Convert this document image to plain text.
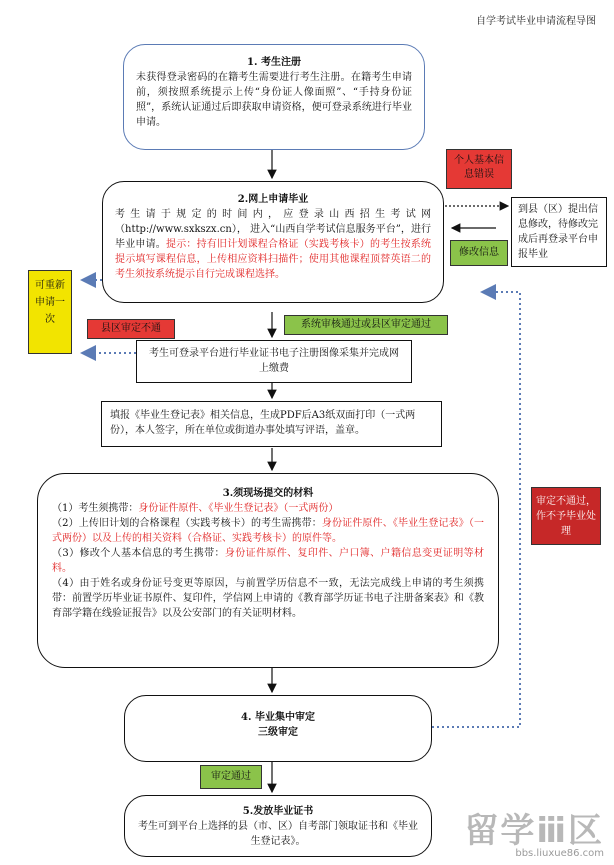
自学考试毕业申请流程导图
1. 考生注册

未获得登录密码的在籍考生需要进行考生注册。在籍考生申请前，须按照系统提示上传“身份证人像面照”、“手持身份证照”，系统认证通过后即获取申请资格，便可登录系统进行毕业申请。

个人基本信息错误
2.网上申请毕业

考生请于规定的时间内，应登录山西招生考试网（http://www.sxkszx.cn）， 进入“山西自学考试信息服务平台”，进行毕业申请。提示：持有旧计划课程合格证（实践考核卡）的考生按系统提示填写课程信息，上传相应资料扫描件；使用其他课程顶替英语二的考生须按系统提示自行完成课程选择。

到县（区）提出信息修改，待修改完成后再登录平台申报毕业
修改信息
可重新申请一次
县区审定不通	系统审核通过或县区审定通过
考生可登录平台进行毕业证书电子注册图像采集并完成网上缴费
填报《毕业生登记表》相关信息，生成PDF后A3纸双面打印（一式两份），本人签字，所在单位或街道办事处填写评语，盖章。
3.须现场提交的材料

（1）考生须携带：身份证件原件、《毕业生登记表》（一式两份）

（2）上传旧计划的合格课程（实践考核卡）的考生需携带：身份证件原件、《毕业生登记表》（一式两份）以及上传的相关资料（合格证、实践考核卡）的原件等。

（3）修改个人基本信息的考生携带：身份证件原件、复印件、户口簿、户籍信息变更证明等材料。

（4）由于姓名或身份证号变更等原因，与前置学历信息不一致，无法完成线上申请的考生须携带：前置学历毕业证书原件、复印件，学信网上申请的《教育部学历证书电子注册备案表》和《教育部学籍在线验证报告》以及公安部门的有关证明材料。

审定不通过，作不予毕业处理
4. 毕业集中审定
三级审定
审定通过
5.发放毕业证书

考生可到平台上选择的县（市、区）自考部门领取证书和《毕业生登记表》。	留学ⅲ区
bbs.liuxue86.com
